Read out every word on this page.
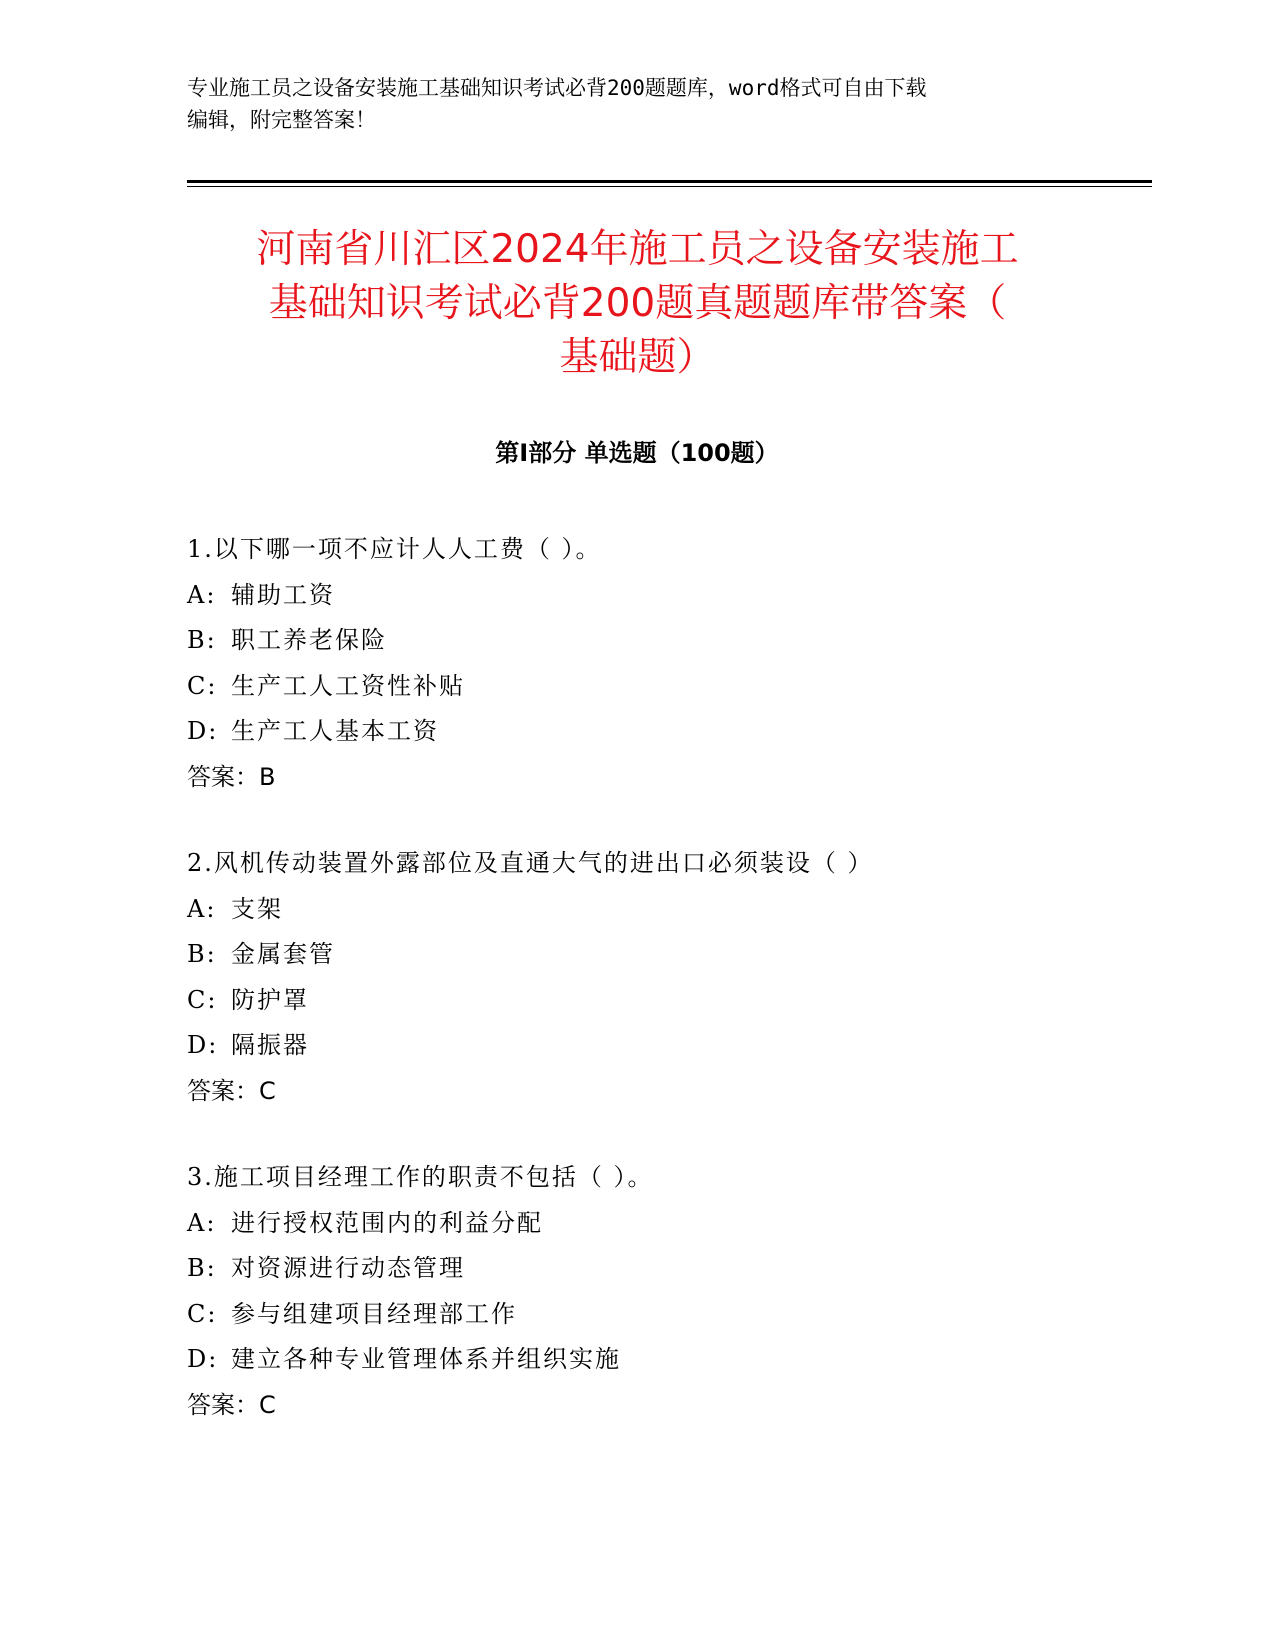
专业施工员之设备安装施工基础知识考试必背200题题库，word格式可自由下载
编辑，附完整答案！
河南省川汇区2024年施工员之设备安装施工
基础知识考试必背200题真题题库带答案（
基础题）
第Ⅰ部分 单选题（100题）
1.以下哪一项不应计人人工费（ ）。
A: 辅助工资
B: 职工养老保险
C: 生产工人工资性补贴
D: 生产工人基本工资
答案：B
2.风机传动装置外露部位及直通大气的进出口必须装设（ ）
A: 支架
B: 金属套管
C: 防护罩
D: 隔振器
答案：C
3.施工项目经理工作的职责不包括（ ）。
A: 进行授权范围内的利益分配
B: 对资源进行动态管理
C: 参与组建项目经理部工作
D: 建立各种专业管理体系并组织实施
答案：C
